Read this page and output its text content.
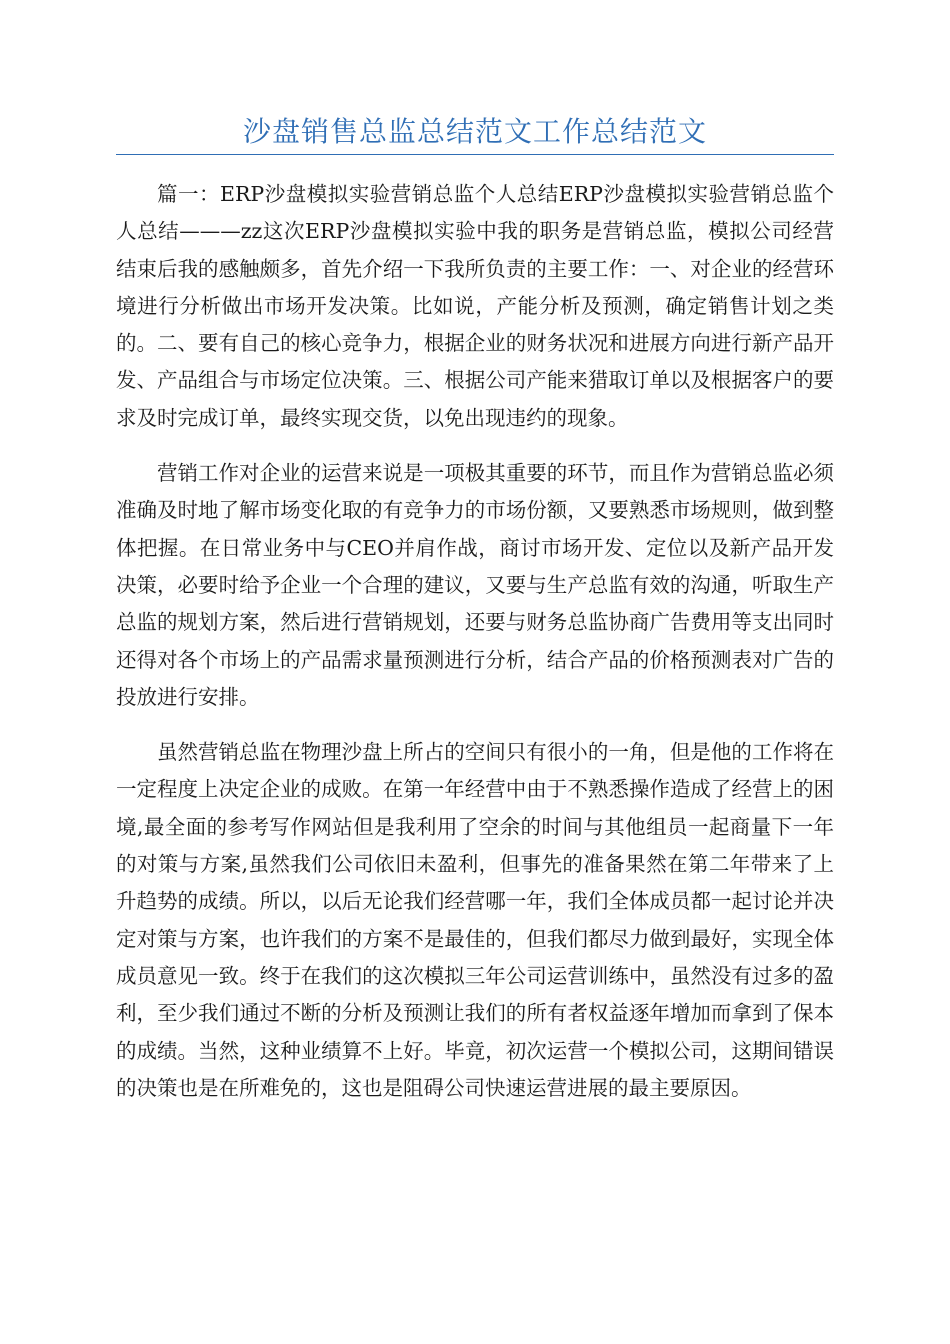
沙盘销售总监总结范文工作总结范文

篇一：ERP沙盘模拟实验营销总监个人总结ERP沙盘模拟实验营销总监个人总结———zz这次ERP沙盘模拟实验中我的职务是营销总监，模拟公司经营结束后我的感触颇多，首先介绍一下我所负责的主要工作：一、对企业的经营环境进行分析做出市场开发决策。比如说，产能分析及预测，确定销售计划之类的。二、要有自己的核心竞争力，根据企业的财务状况和进展方向进行新产品开发、产品组合与市场定位决策。三、根据公司产能来猎取订单以及根据客户的要求及时完成订单，最终实现交货，以免出现违约的现象。

营销工作对企业的运营来说是一项极其重要的环节，而且作为营销总监必须准确及时地了解市场变化取的有竞争力的市场份额，又要熟悉市场规则，做到整体把握。在日常业务中与CEO并肩作战，商讨市场开发、定位以及新产品开发决策，必要时给予企业一个合理的建议，又要与生产总监有效的沟通，听取生产总监的规划方案，然后进行营销规划，还要与财务总监协商广告费用等支出同时还得对各个市场上的产品需求量预测进行分析，结合产品的价格预测表对广告的投放进行安排。

虽然营销总监在物理沙盘上所占的空间只有很小的一角，但是他的工作将在一定程度上决定企业的成败。在第一年经营中由于不熟悉操作造成了经营上的困境,最全面的参考写作网站但是我利用了空余的时间与其他组员一起商量下一年的对策与方案,虽然我们公司依旧未盈利，但事先的准备果然在第二年带来了上升趋势的成绩。所以，以后无论我们经营哪一年，我们全体成员都一起讨论并决定对策与方案，也许我们的方案不是最佳的，但我们都尽力做到最好，实现全体成员意见一致。终于在我们的这次模拟三年公司运营训练中，虽然没有过多的盈利，至少我们通过不断的分析及预测让我们的所有者权益逐年增加而拿到了保本的成绩。当然，这种业绩算不上好。毕竟，初次运营一个模拟公司，这期间错误的决策也是在所难免的，这也是阻碍公司快速运营进展的最主要原因。
